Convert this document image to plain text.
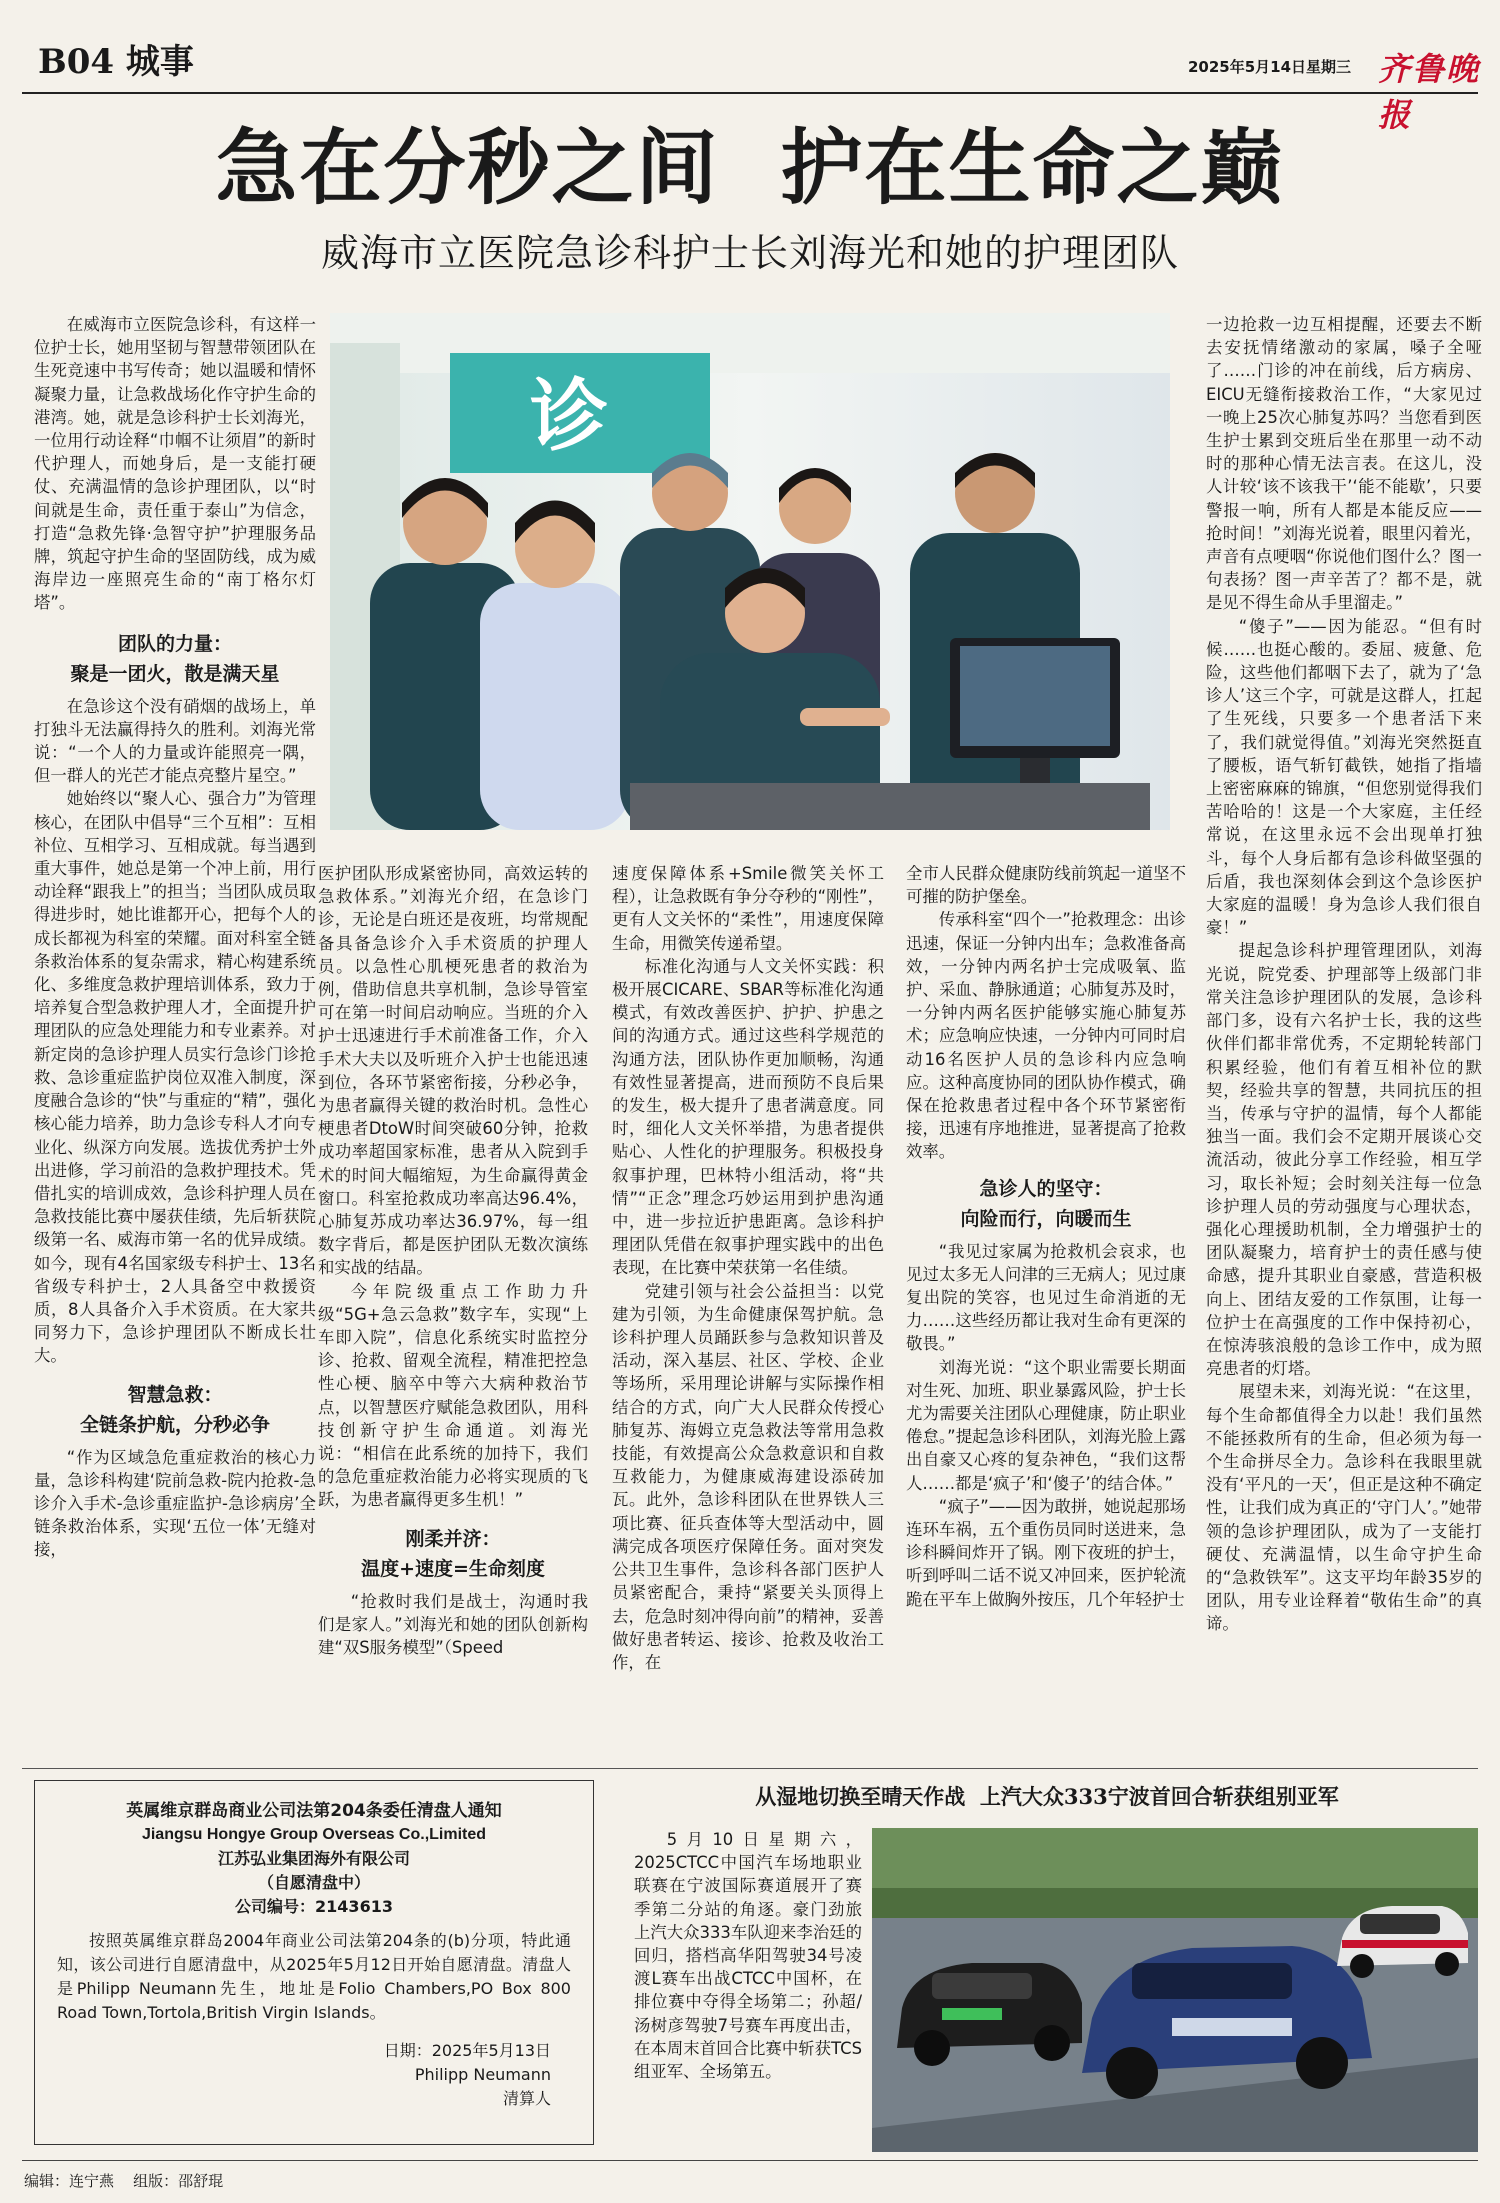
B04 城事	2025年5月14日 星期三 齐鲁晚报
急在分秒之间  护在生命之巅
威海市立医院急诊科护士长刘海光和她的护理团队
诊

在威海市立医院急诊科，有这样一位护士长，她用坚韧与智慧带领团队在生死竞速中书写传奇；她以温暖和情怀凝聚力量，让急救战场化作守护生命的港湾。她，就是急诊科护士长刘海光，一位用行动诠释“巾帼不让须眉”的新时代护理人，而她身后，是一支能打硬仗、充满温情的急诊护理团队，以“时间就是生命，责任重于泰山”为信念，打造“急救先锋·急智守护”护理服务品牌，筑起守护生命的坚固防线，成为威海岸边一座照亮生命的“南丁格尔灯塔”。

团队的力量：
聚是一团火，散是满天星

在急诊这个没有硝烟的战场上，单打独斗无法赢得持久的胜利。刘海光常说：“一个人的力量或许能照亮一隅，但一群人的光芒才能点亮整片星空。”

她始终以“聚人心、强合力”为管理核心，在团队中倡导“三个互相”：互相补位、互相学习、互相成就。每当遇到重大事件，她总是第一个冲上前，用行动诠释“跟我上”的担当；当团队成员取得进步时，她比谁都开心，把每个人的成长都视为科室的荣耀。面对科室全链条救治体系的复杂需求，精心构建系统化、多维度急救护理培训体系，致力于培养复合型急救护理人才，全面提升护理团队的应急处理能力和专业素养。对新定岗的急诊护理人员实行急诊门诊抢救、急诊重症监护岗位双准入制度，深度融合急诊的“快”与重症的“精”，强化核心能力培养，助力急诊专科人才向专业化、纵深方向发展。选拔优秀护士外出进修，学习前沿的急救护理技术。凭借扎实的培训成效，急诊科护理人员在急救技能比赛中屡获佳绩，先后斩获院级第一名、威海市第一名的优异成绩。如今，现有4名国家级专科护士、13名省级专科护士，2人具备空中救援资质，8人具备介入手术资质。在大家共同努力下，急诊护理团队不断成长壮大。

智慧急救：
全链条护航，分秒必争

“作为区域急危重症救治的核心力量，急诊科构建‘院前急救-院内抢救-急诊介入手术-急诊重症监护-急诊病房’全链条救治体系，实现‘五位一体’无缝对接，

医护团队形成紧密协同，高效运转的急救体系。”刘海光介绍，在急诊门诊，无论是白班还是夜班，均常规配备具备急诊介入手术资质的护理人员。以急性心肌梗死患者的救治为例，借助信息共享机制，急诊导管室可在第一时间启动响应。当班的介入护士迅速进行手术前准备工作，介入手术大夫以及听班介入护士也能迅速到位，各环节紧密衔接，分秒必争，为患者赢得关键的救治时机。急性心梗患者DtoW时间突破60分钟，抢救成功率超国家标准，患者从入院到手术的时间大幅缩短，为生命赢得黄金窗口。科室抢救成功率高达96.4%，心肺复苏成功率达36.97%，每一组数字背后，都是医护团队无数次演练和实战的结晶。

今年院级重点工作助力升级“5G+急云急救”数字车，实现“上车即入院”，信息化系统实时监控分诊、抢救、留观全流程，精准把控急性心梗、脑卒中等六大病种救治节点，以智慧医疗赋能急救团队，用科技创新守护生命通道。刘海光说：“相信在此系统的加持下，我们的急危重症救治能力必将实现质的飞跃，为患者赢得更多生机！”

刚柔并济：
温度+速度=生命刻度

“抢救时我们是战士，沟通时我们是家人。”刘海光和她的团队创新构建“双S服务模型”（Speed

速度保障体系+Smile微笑关怀工程），让急救既有争分夺秒的“刚性”，更有人文关怀的“柔性”，用速度保障生命，用微笑传递希望。

标准化沟通与人文关怀实践：积极开展CICARE、SBAR等标准化沟通模式，有效改善医护、护护、护患之间的沟通方式。通过这些科学规范的沟通方法，团队协作更加顺畅，沟通有效性显著提高，进而预防不良后果的发生，极大提升了患者满意度。同时，细化人文关怀举措，为患者提供贴心、人性化的护理服务。积极投身叙事护理，巴林特小组活动，将“共情”“正念”理念巧妙运用到护患沟通中，进一步拉近护患距离。急诊科护理团队凭借在叙事护理实践中的出色表现，在比赛中荣获第一名佳绩。

党建引领与社会公益担当：以党建为引领，为生命健康保驾护航。急诊科护理人员踊跃参与急救知识普及活动，深入基层、社区、学校、企业等场所，采用理论讲解与实际操作相结合的方式，向广大人民群众传授心肺复苏、海姆立克急救法等常用急救技能，有效提高公众急救意识和自救互救能力，为健康威海建设添砖加瓦。此外，急诊科团队在世界铁人三项比赛、征兵查体等大型活动中，圆满完成各项医疗保障任务。面对突发公共卫生事件，急诊科各部门医护人员紧密配合，秉持“紧要关头顶得上去，危急时刻冲得向前”的精神，妥善做好患者转运、接诊、抢救及收治工作，在

全市人民群众健康防线前筑起一道坚不可摧的防护堡垒。

传承科室“四个一”抢救理念：出诊迅速，保证一分钟内出车；急救准备高效，一分钟内两名护士完成吸氧、监护、采血、静脉通道；心肺复苏及时，一分钟内两名医护能够实施心肺复苏术；应急响应快速，一分钟内可同时启动16名医护人员的急诊科内应急响应。这种高度协同的团队协作模式，确保在抢救患者过程中各个环节紧密衔接，迅速有序地推进，显著提高了抢救效率。

急诊人的坚守：
向险而行，向暖而生

“我见过家属为抢救机会哀求，也见过太多无人问津的三无病人；见过康复出院的笑容，也见过生命消逝的无力……这些经历都让我对生命有更深的敬畏。”

刘海光说：“这个职业需要长期面对生死、加班、职业暴露风险，护士长尤为需要关注团队心理健康，防止职业倦怠。”提起急诊科团队，刘海光脸上露出自豪又心疼的复杂神色，“我们这帮人……都是‘疯子’和‘傻子’的结合体。”

“疯子”——因为敢拼，她说起那场连环车祸，五个重伤员同时送进来，急诊科瞬间炸开了锅。刚下夜班的护士，听到呼叫二话不说又冲回来，医护轮流跪在平车上做胸外按压，几个年轻护士

一边抢救一边互相提醒，还要去不断去安抚情绪激动的家属，嗓子全哑了……门诊的冲在前线，后方病房、EICU无缝衔接救治工作，“大家见过一晚上25次心肺复苏吗？当您看到医生护士累到交班后坐在那里一动不动时的那种心情无法言表。在这儿，没人计较‘该不该我干’‘能不能歇’，只要警报一响，所有人都是本能反应——抢时间！”刘海光说着，眼里闪着光，声音有点哽咽“你说他们图什么？图一句表扬？图一声辛苦了？都不是，就是见不得生命从手里溜走。”

“傻子”——因为能忍。“但有时候……也挺心酸的。委屈、疲惫、危险，这些他们都咽下去了，就为了‘急诊人’这三个字，可就是这群人，扛起了生死线，只要多一个患者活下来了，我们就觉得值。”刘海光突然挺直了腰板，语气斩钉截铁，她指了指墙上密密麻麻的锦旗，“但您别觉得我们苦哈哈的！这是一个大家庭，主任经常说，在这里永远不会出现单打独斗，每个人身后都有急诊科做坚强的后盾，我也深刻体会到这个急诊医护大家庭的温暖！身为急诊人我们很自豪！”

提起急诊科护理管理团队，刘海光说，院党委、护理部等上级部门非常关注急诊护理团队的发展，急诊科部门多，设有六名护士长，我的这些伙伴们都非常优秀，不定期轮转部门积累经验，他们有着互相补位的默契，经验共享的智慧，共同抗压的担当，传承与守护的温情，每个人都能独当一面。我们会不定期开展谈心交流活动，彼此分享工作经验，相互学习，取长补短；会时刻关注每一位急诊护理人员的劳动强度与心理状态，强化心理援助机制，全力增强护士的团队凝聚力，培育护士的责任感与使命感，提升其职业自豪感，营造积极向上、团结友爱的工作氛围，让每一位护士在高强度的工作中保持初心，在惊涛骇浪般的急诊工作中，成为照亮患者的灯塔。

展望未来，刘海光说：“在这里，每个生命都值得全力以赴！我们虽然不能拯救所有的生命，但必须为每一个生命拼尽全力。急诊科在我眼里就没有‘平凡的一天’，但正是这种不确定性，让我们成为真正的‘守门人’。”她带领的急诊护理团队，成为了一支能打硬仗、充满温情，以生命守护生命的“急救铁军”。这支平均年龄35岁的团队，用专业诠释着“敬佑生命”的真谛。

英属维京群岛商业公司法第204条委任清盘人通知
Jiangsu Hongye Group Overseas Co.,Limited
江苏弘业集团海外有限公司
（自愿清盘中）
公司编号：2143613
按照英属维京群岛2004年商业公司法第204条的(b)分项，特此通知，该公司进行自愿清盘中，从2025年5月12日开始自愿清盘。清盘人是Philipp Neumann先生，地址是Folio Chambers,PO Box 800 Road Town,Tortola,British Virgin Islands。
日期：2025年5月13日
Philipp Neumann
清算人
从湿地切换至晴天作战  上汽大众333宁波首回合斩获组别亚军

5月10日星期六，2025CTCC中国汽车场地职业联赛在宁波国际赛道展开了赛季第二分站的角逐。豪门劲旅上汽大众333车队迎来李治廷的回归，搭档高华阳驾驶34号凌渡L赛车出战CTCC中国杯，在排位赛中夺得全场第二；孙超/汤树彦驾驶7号赛车再度出击，在本周末首回合比赛中斩获TCS组亚军、全场第五。

编辑：连宁燕    组版：邵舒琨
